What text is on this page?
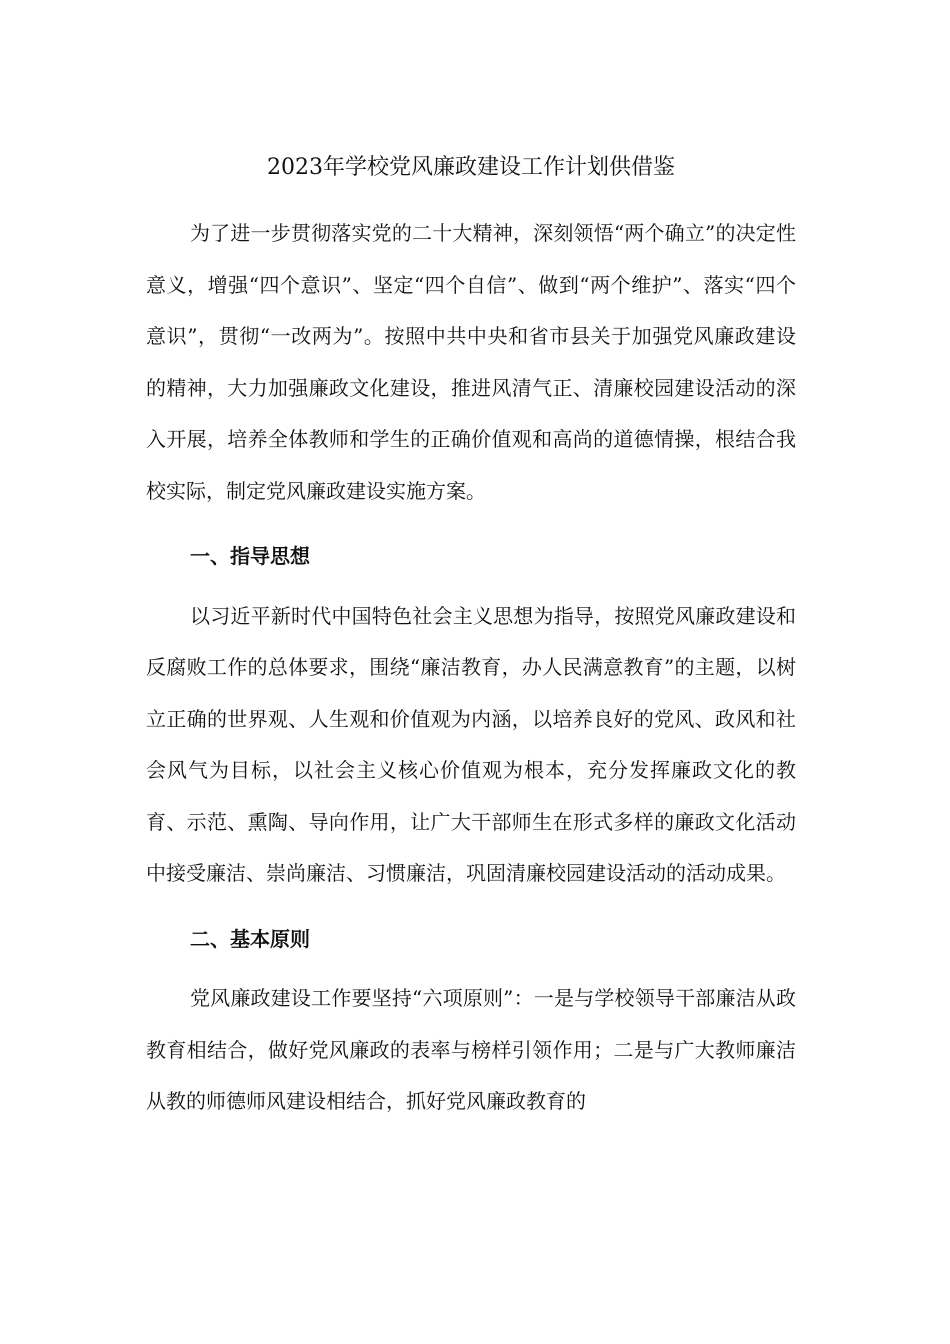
2023年学校党风廉政建设工作计划供借鉴

为了进一步贯彻落实党的二十大精神，深刻领悟“两个确立”的决定性意义，增强“四个意识”、坚定“四个自信”、做到“两个维护”、落实“四个意识”，贯彻“一改两为”。按照中共中央和省市县关于加强党风廉政建设的精神，大力加强廉政文化建设，推进风清气正、清廉校园建设活动的深入开展，培养全体教师和学生的正确价值观和高尚的道德情操，根结合我校实际，制定党风廉政建设实施方案。

一、指导思想

以习近平新时代中国特色社会主义思想为指导，按照党风廉政建设和反腐败工作的总体要求，围绕“廉洁教育，办人民满意教育”的主题，以树立正确的世界观、人生观和价值观为内涵，以培养良好的党风、政风和社会风气为目标，以社会主义核心价值观为根本，充分发挥廉政文化的教育、示范、熏陶、导向作用，让广大干部师生在形式多样的廉政文化活动中接受廉洁、崇尚廉洁、习惯廉洁，巩固清廉校园建设活动的活动成果。

二、基本原则

党风廉政建设工作要坚持“六项原则”：一是与学校领导干部廉洁从政教育相结合，做好党风廉政的表率与榜样引领作用；二是与广大教师廉洁从教的师德师风建设相结合，抓好党风廉政教育的
